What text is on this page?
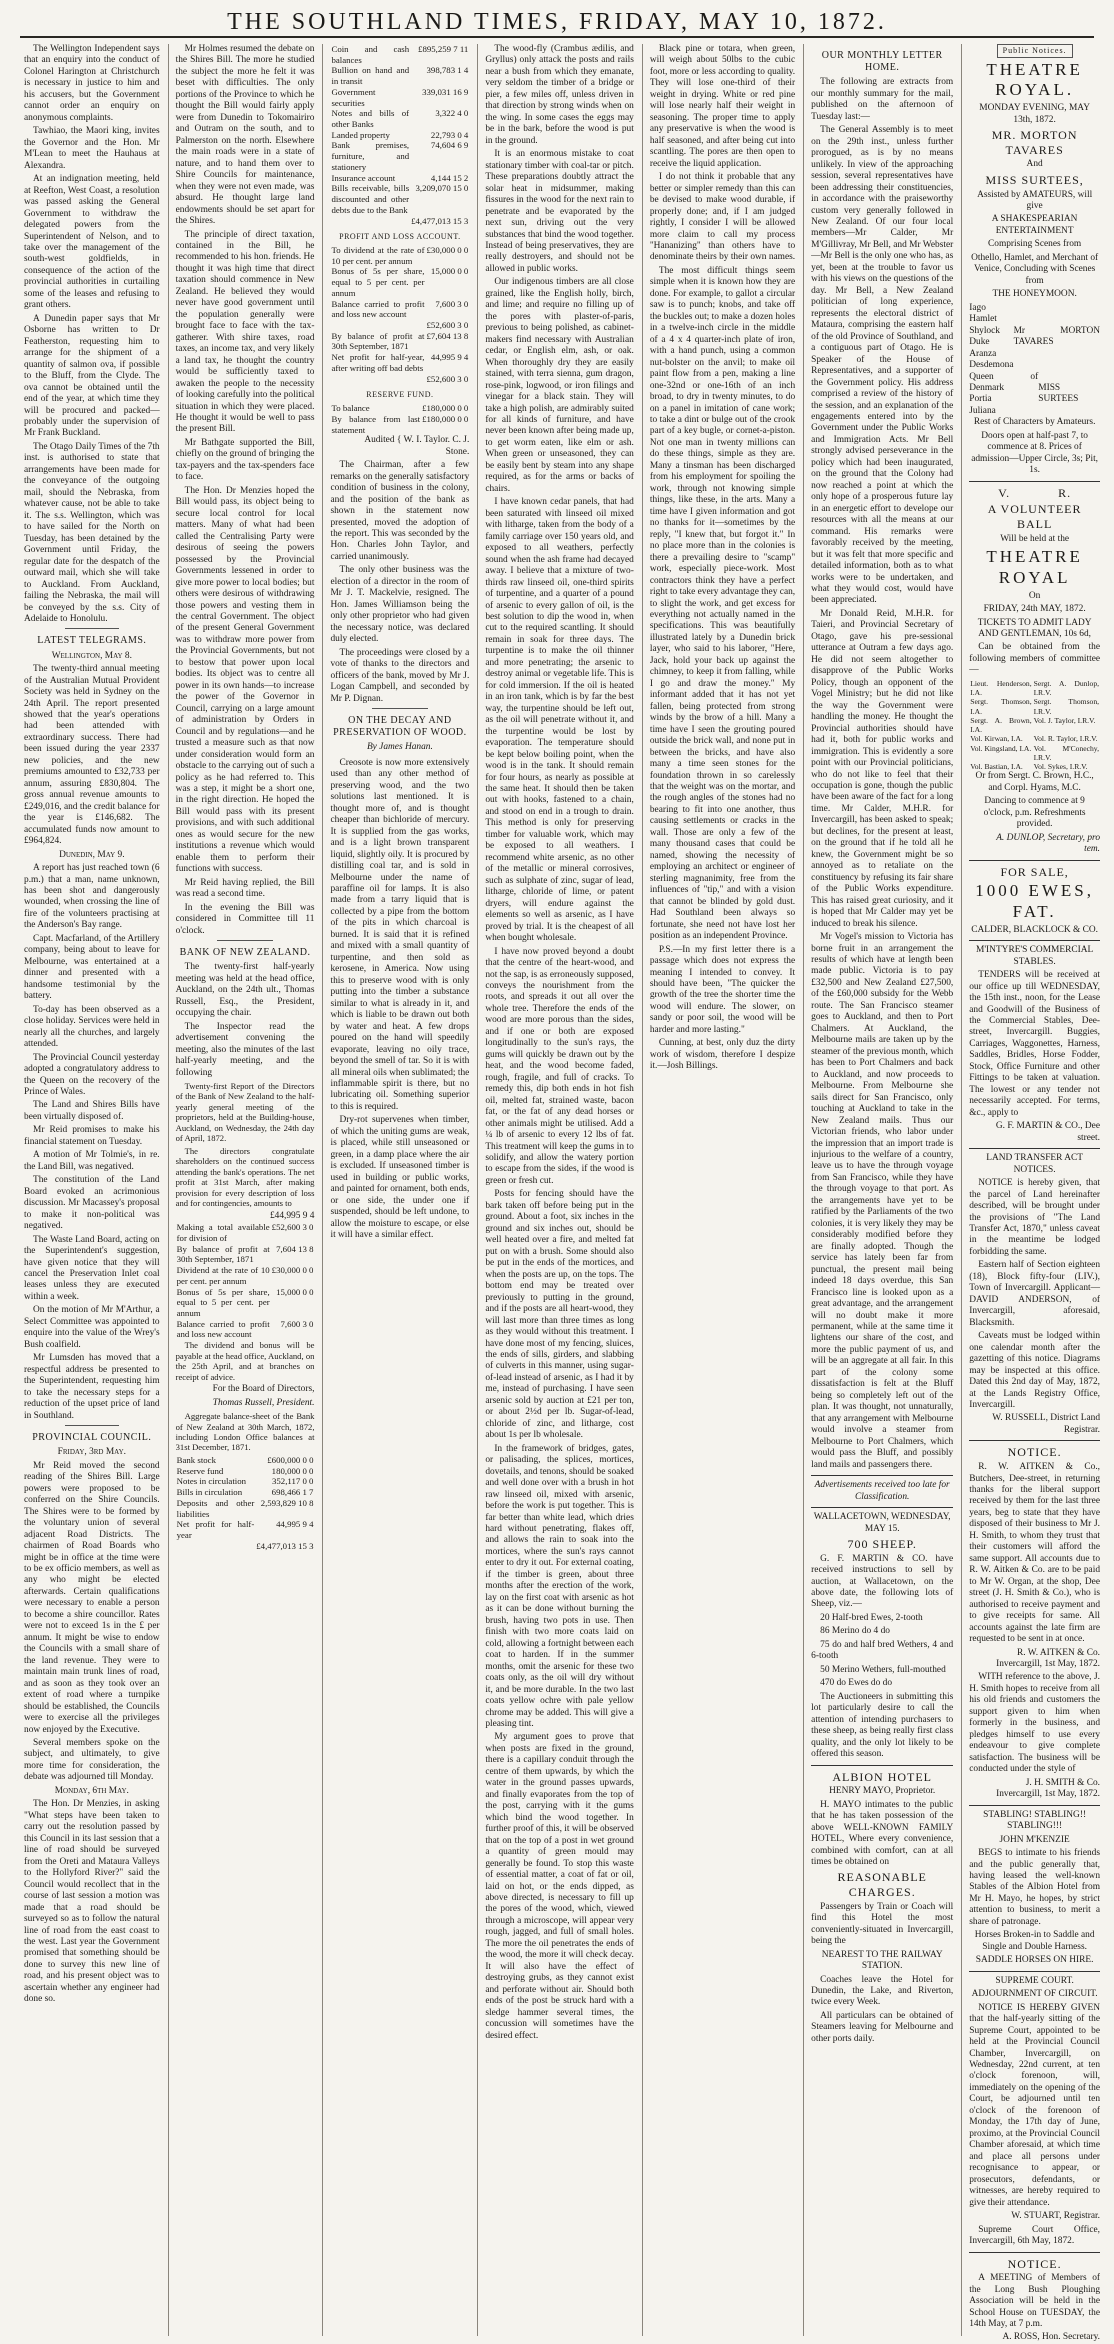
THE SOUTHLAND TIMES, FRIDAY, MAY 10, 1872.

The Wellington Independent says that an enquiry into the conduct of Colonel Harington at Christchurch is necessary in justice to him and his accusers, but the Government cannot order an enquiry on anonymous complaints.

Tawhiao, the Maori king, invites the Governor and the Hon. Mr M'Lean to meet the Hauhaus at Alexandra.

At an indignation meeting, held at Reefton, West Coast, a resolution was passed asking the General Government to withdraw the delegated powers from the Superintendent of Nelson, and to take over the management of the south-west goldfields, in consequence of the action of the provincial authorities in curtailing some of the leases and refusing to grant others.

A Dunedin paper says that Mr Osborne has written to Dr Featherston, requesting him to arrange for the shipment of a quantity of salmon ova, if possible to the Bluff, from the Clyde. The ova cannot be obtained until the end of the year, at which time they will be procured and packed—probably under the supervision of Mr Frank Buckland.

The Otago Daily Times of the 7th inst. is authorised to state that arrangements have been made for the conveyance of the outgoing mail, should the Nebraska, from whatever cause, not be able to take it. The s.s. Wellington, which was to have sailed for the North on Tuesday, has been detained by the Government until Friday, the regular date for the despatch of the outward mail, which she will take to Auckland. From Auckland, failing the Nebraska, the mail will be conveyed by the s.s. City of Adelaide to Honolulu.

LATEST TELEGRAMS.

Wellington, May 8.

The twenty-third annual meeting of the Australian Mutual Provident Society was held in Sydney on the 24th April. The report presented showed that the year's operations had been attended with extraordinary success. There had been issued during the year 2337 new policies, and the new premiums amounted to £32,733 per annum, assuring £830,804. The gross annual revenue amounts to £249,016, and the credit balance for the year is £146,682. The accumulated funds now amount to £964,824.

Dunedin, May 9.

A report has just reached town (6 p.m.) that a man, name unknown, has been shot and dangerously wounded, when crossing the line of fire of the volunteers practising at the Anderson's Bay range.

Capt. Macfarland, of the Artillery company, being about to leave for Melbourne, was entertained at a dinner and presented with a handsome testimonial by the battery.

To-day has been observed as a close holiday. Services were held in nearly all the churches, and largely attended.

The Provincial Council yesterday adopted a congratulatory address to the Queen on the recovery of the Prince of Wales.

The Land and Shires Bills have been virtually disposed of.

Mr Reid promises to make his financial statement on Tuesday.

A motion of Mr Tolmie's, in re. the Land Bill, was negatived.

The constitution of the Land Board evoked an acrimonious discussion. Mr Macassey's proposal to make it non-political was negatived.

The Waste Land Board, acting on the Superintendent's suggestion, have given notice that they will cancel the Preservation Inlet coal leases unless they are executed within a week.

On the motion of Mr M'Arthur, a Select Committee was appointed to enquire into the value of the Wrey's Bush coalfield.

Mr Lumsden has moved that a respectful address be presented to the Superintendent, requesting him to take the necessary steps for a reduction of the upset price of land in Southland.

PROVINCIAL COUNCIL.

Friday, 3rd May.

Mr Reid moved the second reading of the Shires Bill. Large powers were proposed to be conferred on the Shire Councils. The Shires were to be formed by the voluntary union of several adjacent Road Districts. The chairmen of Road Boards who might be in office at the time were to be ex officio members, as well as any who might be elected afterwards. Certain qualifications were necessary to enable a person to become a shire councillor. Rates were not to exceed 1s in the £ per annum. It might be wise to endow the Councils with a small share of the land revenue. They were to maintain main trunk lines of road, and as soon as they took over an extent of road where a turnpike should be established, the Councils were to exercise all the privileges now enjoyed by the Executive.

Several members spoke on the subject, and ultimately, to give more time for consideration, the debate was adjourned till Monday.

Monday, 6th May.

The Hon. Dr Menzies, in asking "What steps have been taken to carry out the resolution passed by this Council in its last session that a line of road should be surveyed from the Oreti and Mataura Valleys to the Hollyford River?" said the Council would recollect that in the course of last session a motion was made that a road should be surveyed so as to follow the natural line of road from the east coast to the west. Last year the Government promised that something should be done to survey this new line of road, and his present object was to ascertain whether any engineer had done so.

Mr Holmes resumed the debate on the Shires Bill. The more he studied the subject the more he felt it was beset with difficulties. The only portions of the Province to which he thought the Bill would fairly apply were from Dunedin to Tokomairiro and Outram on the south, and to Palmerston on the north. Elsewhere the main roads were in a state of nature, and to hand them over to Shire Councils for maintenance, when they were not even made, was absurd. He thought large land endowments should be set apart for the Shires.

The principle of direct taxation, contained in the Bill, he recommended to his hon. friends. He thought it was high time that direct taxation should commence in New Zealand. He believed they would never have good government until the population generally were brought face to face with the tax-gatherer. With shire taxes, road taxes, an income tax, and very likely a land tax, he thought the country would be sufficiently taxed to awaken the people to the necessity of looking carefully into the political situation in which they were placed. He thought it would be well to pass the present Bill.

Mr Bathgate supported the Bill, chiefly on the ground of bringing the tax-payers and the tax-spenders face to face.

The Hon. Dr Menzies hoped the Bill would pass, its object being to secure local control for local matters. Many of what had been called the Centralising Party were desirous of seeing the powers possessed by the Provincial Governments lessened in order to give more power to local bodies; but others were desirous of withdrawing those powers and vesting them in the central Government. The object of the present General Government was to withdraw more power from the Provincial Governments, but not to bestow that power upon local bodies. Its object was to centre all power in its own hands—to increase the power of the Governor in Council, carrying on a large amount of administration by Orders in Council and by regulations—and he trusted a measure such as that now under consideration would form an obstacle to the carrying out of such a policy as he had referred to. This was a step, it might be a short one, in the right direction. He hoped the Bill would pass with its present provisions, and with such additional ones as would secure for the new institutions a revenue which would enable them to perform their functions with success.

Mr Reid having replied, the Bill was read a second time.

In the evening the Bill was considered in Committee till 11 o'clock.

BANK OF NEW ZEALAND.

The twenty-first half-yearly meeting was held at the head office, Auckland, on the 24th ult., Thomas Russell, Esq., the President, occupying the chair.

The Inspector read the advertisement convening the meeting, also the minutes of the last half-yearly meeting, and the following

Twenty-first Report of the Directors of the Bank of New Zealand to the half-yearly general meeting of the proprietors, held at the Building-house, Auckland, on Wednesday, the 24th day of April, 1872.

The directors congratulate shareholders on the continued success attending the bank's operations. The net profit at 31st March, after making provision for every description of loss and for contingencies, amounts to

£44,995 9 4
Making a total available for division of	£52,600 3 0
By balance of profit at 30th September, 1871	7,604 13 8
Dividend at the rate of 10 per cent. per annum	£30,000 0 0
Bonus of 5s per share, equal to 5 per cent. per annum	15,000 0 0
Balance carried to profit and loss new account	7,600 3 0

The dividend and bonus will be payable at the head office, Auckland, on the 25th April, and at branches on receipt of advice.

For the Board of Directors,

Thomas Russell, President.

Aggregate balance-sheet of the Bank of New Zealand at 30th March, 1872, including London Office balances at 31st December, 1871.

Bank stock	£600,000 0 0
Reserve fund	180,000 0 0
Notes in circulation	352,117 0 0
Bills in circulation	698,466 1 7
Deposits and other liabilities	2,593,829 10 8
Net profit for half-year	44,995 9 4
	£4,477,013 15 3
Coin and cash balances	£895,259 7 11
Bullion on hand and in transit	398,783 1 4
Government securities	339,031 16 9
Notes and bills of other Banks	3,322 4 0
Landed property	22,793 0 4
Bank premises, furniture, and stationery	74,604 6 9
Insurance account	4,144 15 2
Bills receivable, bills discounted and other debts due to the Bank	3,209,070 15 0
	£4,477,013 15 3

PROFIT AND LOSS ACCOUNT.

To dividend at the rate of 10 per cent. per annum	£30,000 0 0
Bonus of 5s per share, equal to 5 per cent. per annum	15,000 0 0
Balance carried to profit and loss new account	7,600 3 0
	£52,600 3 0
By balance of profit at 30th September, 1871	£7,604 13 8
Net profit for half-year, after writing off bad debts	44,995 9 4
	£52,600 3 0

RESERVE FUND.

To balance	£180,000 0 0
By balance from last statement	£180,000 0 0

Audited { W. I. Taylor. C. J. Stone.

The Chairman, after a few remarks on the generally satisfactory condition of business in the colony, and the position of the bank as shown in the statement now presented, moved the adoption of the report. This was seconded by the Hon. Charles John Taylor, and carried unanimously.

The only other business was the election of a director in the room of Mr J. T. Mackelvie, resigned. The Hon. James Williamson being the only other proprietor who had given the necessary notice, was declared duly elected.

The proceedings were closed by a vote of thanks to the directors and officers of the bank, moved by Mr J. Logan Campbell, and seconded by Mr P. Dignan.

ON THE DECAY AND PRESERVATION OF WOOD.

By James Hanan.

Creosote is now more extensively used than any other method of preserving wood, and the two solutions last mentioned. It is thought more of, and is thought cheaper than bichloride of mercury. It is supplied from the gas works, and is a light brown transparent liquid, slightly oily. It is procured by distilling coal tar, and is sold in Melbourne under the name of paraffine oil for lamps. It is also made from a tarry liquid that is collected by a pipe from the bottom of the pits in which charcoal is burned. It is said that it is refined and mixed with a small quantity of turpentine, and then sold as kerosene, in America. Now using this to preserve wood with is only putting into the timber a substance similar to what is already in it, and which is liable to be drawn out both by water and heat. A few drops poured on the hand will speedily evaporate, leaving no oily trace, beyond the smell of tar. So it is with all mineral oils when sublimated; the inflammable spirit is there, but no lubricating oil. Something superior to this is required.

Dry-rot supervenes when timber, of which the uniting gums are weak, is placed, while still unseasoned or green, in a damp place where the air is excluded. If unseasoned timber is used in building or public works, and painted for ornament, both ends, or one side, the under one if suspended, should be left undone, to allow the moisture to escape, or else it will have a similar effect.

The wood-fly (Crambus ædilis, and Gryllus) only attack the posts and rails near a bush from which they emanate, very seldom the timber of a bridge or pier, a few miles off, unless driven in that direction by strong winds when on the wing. In some cases the eggs may be in the bark, before the wood is put in the ground.

It is an enormous mistake to coat stationary timber with coal-tar or pitch. These preparations doubtly attract the solar heat in midsummer, making fissures in the wood for the next rain to penetrate and be evaporated by the next sun, driving out the very substances that bind the wood together. Instead of being preservatives, they are really destroyers, and should not be allowed in public works.

Our indigenous timbers are all close grained, like the English holly, birch, and lime; and require no filling up of the pores with plaster-of-paris, previous to being polished, as cabinet-makers find necessary with Australian cedar, or English elm, ash, or oak. When thoroughly dry they are easily stained, with terra sienna, gum dragon, rose-pink, logwood, or iron filings and vinegar for a black stain. They will take a high polish, are admirably suited for all kinds of furniture, and have never been known after being made up, to get worm eaten, like elm or ash. When green or unseasoned, they can be easily bent by steam into any shape required, as for the arms or backs of chairs.

I have known cedar panels, that had been saturated with linseed oil mixed with litharge, taken from the body of a family carriage over 150 years old, and exposed to all weathers, perfectly sound when the ash frame had decayed away. I believe that a mixture of two-thirds raw linseed oil, one-third spirits of turpentine, and a quarter of a pound of arsenic to every gallon of oil, is the best solution to dip the wood in, when cut to the required scantling. It should remain in soak for three days. The turpentine is to make the oil thinner and more penetrating; the arsenic to destroy animal or vegetable life. This is for cold immersion. If the oil is heated in an iron tank, which is by far the best way, the turpentine should be left out, as the oil will penetrate without it, and the turpentine would be lost by evaporation. The temperature should be kept below boiling point, when the wood is in the tank. It should remain for four hours, as nearly as possible at the same heat. It should then be taken out with hooks, fastened to a chain, and stood on end in a trough to drain. This method is only for preserving timber for valuable work, which may be exposed to all weathers. I recommend white arsenic, as no other of the metallic or mineral corrosives, such as sulphate of zinc, sugar of lead, litharge, chloride of lime, or patent dryers, will endure against the elements so well as arsenic, as I have proved by trial. It is the cheapest of all when bought wholesale.

I have now proved beyond a doubt that the centre of the heart-wood, and not the sap, is as erroneously supposed, conveys the nourishment from the roots, and spreads it out all over the whole tree. Therefore the ends of the wood are more porous than the sides, and if one or both are exposed longitudinally to the sun's rays, the gums will quickly be drawn out by the heat, and the wood become faded, rough, fragile, and full of cracks. To remedy this, dip both ends in hot fish oil, melted fat, strained waste, bacon fat, or the fat of any dead horses or other animals might be utilised. Add a ¼ lb of arsenic to every 12 lbs of fat. This treatment will keep the gums in to solidify, and allow the watery portion to escape from the sides, if the wood is green or fresh cut.

Posts for fencing should have the bark taken off before being put in the ground. About a foot, six inches in the ground and six inches out, should be well heated over a fire, and melted fat put on with a brush. Some should also be put in the ends of the mortices, and when the posts are up, on the tops. The bottom end may be treated over previously to putting in the ground, and if the posts are all heart-wood, they will last more than three times as long as they would without this treatment. I have done most of my fencing, sluices, the ends of sills, girders, and slabbing of culverts in this manner, using sugar-of-lead instead of arsenic, as I had it by me, instead of purchasing. I have seen arsenic sold by auction at £21 per ton, or about 2½d per lb. Sugar-of-lead, chloride of zinc, and litharge, cost about 1s per lb wholesale.

In the framework of bridges, gates, or palisading, the splices, mortices, dovetails, and tenons, should be soaked and well done over with a brush in hot raw linseed oil, mixed with arsenic, before the work is put together. This is far better than white lead, which dries hard without penetrating, flakes off, and allows the rain to soak into the mortices, where the sun's rays cannot enter to dry it out. For external coating, if the timber is green, about three months after the erection of the work, lay on the first coat with arsenic as hot as it can be done without burning the brush, having two pots in use. Then finish with two more coats laid on cold, allowing a fortnight between each coat to harden. If in the summer months, omit the arsenic for these two coats only, as the oil will dry without it, and be more durable. In the two last coats yellow ochre with pale yellow chrome may be added. This will give a pleasing tint.

My argument goes to prove that when posts are fixed in the ground, there is a capillary conduit through the centre of them upwards, by which the water in the ground passes upwards, and finally evaporates from the top of the post, carrying with it the gums which bind the wood together. In further proof of this, it will be observed that on the top of a post in wet ground a quantity of green mould may generally be found. To stop this waste of essential matter, a coat of fat or oil, laid on hot, or the ends dipped, as above directed, is necessary to fill up the pores of the wood, which, viewed through a microscope, will appear very rough, jagged, and full of small holes. The more the oil penetrates the ends of the wood, the more it will check decay. It will also have the effect of destroying grubs, as they cannot exist and perforate without air. Should both ends of the post be struck hard with a sledge hammer several times, the concussion will sometimes have the desired effect.

Black pine or totara, when green, will weigh about 50lbs to the cubic foot, more or less according to quality. They will lose one-third of their weight in drying. White or red pine will lose nearly half their weight in seasoning. The proper time to apply any preservative is when the wood is half seasoned, and after being cut into scantling. The pores are then open to receive the liquid application.

I do not think it probable that any better or simpler remedy than this can be devised to make wood durable, if properly done; and, if I am judged rightly, I consider I will be allowed more claim to call my process "Hananizing" than others have to denominate theirs by their own names.

The most difficult things seem simple when it is known how they are done. For example, to gallot a circular saw is to punch; knobs, and take off the buckles out; to make a dozen holes in a twelve-inch circle in the middle of a 4 x 4 quarter-inch plate of iron, with a hand punch, using a common nut-bolster on the anvil; to make oil paint flow from a pen, making a line one-32nd or one-16th of an inch broad, to dry in twenty minutes, to do on a panel in imitation of cane work; to take a dint or bulge out of the crook part of a key bugle, or cornet-a-piston. Not one man in twenty millions can do these things, simple as they are. Many a tinsman has been discharged from his employment for spoiling the work, through not knowing simple things, like these, in the arts. Many a time have I given information and got no thanks for it—sometimes by the reply, "I knew that, but forgot it." In no place more than in the colonies is there a prevailing desire to "scamp" work, especially piece-work. Most contractors think they have a perfect right to take every advantage they can, to slight the work, and get excess for everything not actually named in the specifications. This was beautifully illustrated lately by a Dunedin brick layer, who said to his laborer, "Here, Jack, hold your back up against the chimney, to keep it from falling, while I go and draw the money." My informant added that it has not yet fallen, being protected from strong winds by the brow of a hill. Many a time have I seen the grouting poured outside the brick wall, and none put in between the bricks, and have also many a time seen stones for the foundation thrown in so carelessly that the weight was on the mortar, and the rough angles of the stones had no bearing to fit into one another, thus causing settlements or cracks in the wall. Those are only a few of the many thousand cases that could be named, showing the necessity of employing an architect or engineer of sterling magnanimity, free from the influences of "tip," and with a vision that cannot be blinded by gold dust. Had Southland been always so fortunate, she need not have lost her position as an independent Province.

P.S.—In my first letter there is a passage which does not express the meaning I intended to convey. It should have been, "The quicker the growth of the tree the shorter time the wood will endure. The slower, on sandy or poor soil, the wood will be harder and more lasting."

Cunning, at best, only duz the dirty work of wisdom, therefore I despize it.—Josh Billings.

OUR MONTHLY LETTER HOME.

The following are extracts from our monthly summary for the mail, published on the afternoon of Tuesday last:—

The General Assembly is to meet on the 29th inst., unless further prorogued, as is by no means unlikely. In view of the approaching session, several representatives have been addressing their constituencies, in accordance with the praiseworthy custom very generally followed in New Zealand. Of our four local members—Mr Calder, Mr M'Gillivray, Mr Bell, and Mr Webster—Mr Bell is the only one who has, as yet, been at the trouble to favor us with his views on the questions of the day. Mr Bell, a New Zealand politician of long experience, represents the electoral district of Mataura, comprising the eastern half of the old Province of Southland, and a contiguous part of Otago. He is Speaker of the House of Representatives, and a supporter of the Government policy. His address comprised a review of the history of the session, and an explanation of the engagements entered into by the Government under the Public Works and Immigration Acts. Mr Bell strongly advised perseverance in the policy which had been inaugurated, on the ground that the Colony had now reached a point at which the only hope of a prosperous future lay in an energetic effort to develope our resources with all the means at our command. His remarks were favorably received by the meeting, but it was felt that more specific and detailed information, both as to what works were to be undertaken, and what they would cost, would have been appreciated.

Mr Donald Reid, M.H.R. for Taieri, and Provincial Secretary of Otago, gave his pre-sessional utterance at Outram a few days ago. He did not seem altogether to disapprove of the Public Works Policy, though an opponent of the Vogel Ministry; but he did not like the way the Government were handling the money. He thought the Provincial authorities should have had it, both for public works and immigration. This is evidently a sore point with our Provincial politicians, who do not like to feel that their occupation is gone, though the public have been aware of the fact for a long time. Mr Calder, M.H.R. for Invercargill, has been asked to speak; but declines, for the present at least, on the ground that if he told all he knew, the Government might be so annoyed as to retaliate on the constituency by refusing its fair share of the Public Works expenditure. This has raised great curiosity, and it is hoped that Mr Calder may yet be induced to break his silence.

Mr Vogel's mission to Victoria has borne fruit in an arrangement the results of which have at length been made public. Victoria is to pay £32,500 and New Zealand £27,500, of the £60,000 subsidy for the Webb route. The San Francisco steamer goes to Auckland, and then to Port Chalmers. At Auckland, the Melbourne mails are taken up by the steamer of the previous month, which has been to Port Chalmers and back to Auckland, and now proceeds to Melbourne. From Melbourne she sails direct for San Francisco, only touching at Auckland to take in the New Zealand mails. Thus our Victorian friends, who labor under the impression that an import trade is injurious to the welfare of a country, leave us to have the through voyage from San Francisco, while they have the through voyage to that port. As the arrangements have yet to be ratified by the Parliaments of the two colonies, it is very likely they may be considerably modified before they are finally adopted. Though the service has lately been far from punctual, the present mail being indeed 18 days overdue, this San Francisco line is looked upon as a great advantage, and the arrangement will no doubt make it more permanent, while at the same time it lightens our share of the cost, and more the public payment of us, and will be an aggregate at all fair. In this part of the colony some dissatisfaction is felt at the Bluff being so completely left out of the plan. It was thought, not unnaturally, that any arrangement with Melbourne would involve a steamer from Melbourne to Port Chalmers, which would pass the Bluff, and possibly land mails and passengers there.

Advertisements received too late for Classification.

WALLACETOWN, WEDNESDAY, MAY 15.

700 SHEEP.

G. F. MARTIN & CO. have received instructions to sell by auction, at Wallacetown, on the above date, the following lots of Sheep, viz.—

20 Half-bred Ewes, 2-tooth

86 Merino do 4 do

75 do and half bred Wethers, 4 and 6-tooth

50 Merino Wethers, full-mouthed

470 do Ewes do do

The Auctioneers in submitting this lot particularly desire to call the attention of intending purchasers to these sheep, as being really first class quality, and the only lot likely to be offered this season.

ALBION HOTEL

HENRY MAYO, Proprietor.

H. MAYO intimates to the public that he has taken possession of the above WELL-KNOWN FAMILY HOTEL, Where every convenience, combined with comfort, can at all times be obtained on

REASONABLE CHARGES.

Passengers by Train or Coach will find this Hotel the most conveniently-situated in Invercargill, being the

NEAREST TO THE RAILWAY STATION.

Coaches leave the Hotel for Dunedin, the Lake, and Riverton, twice every Week.

All particulars can be obtained of Steamers leaving for Melbourne and other ports daily.

Public Notices.

THEATRE ROYAL.

MONDAY EVENING, MAY 13th, 1872.

MR. MORTON TAVARES

And

MISS SURTEES,

Assisted by AMATEURS, will give

A SHAKESPEARIAN ENTERTAINMENT

Comprising Scenes from

Othello, Hamlet, and Merchant of Venice, Concluding with Scenes from

THE HONEYMOON.

Iago
Hamlet
Shylock
Duke Aranza
Desdemona
Mr MORTON TAVARES
Queen of Denmark
Portia
Juliana
MISS SURTEES

Rest of Characters by Amateurs.

Doors open at half-past 7, to commence at 8. Prices of admission—Upper Circle, 3s; Pit, 1s.

V.            R.

A VOLUNTEER BALL

Will be held at the

THEATRE ROYAL

On

FRIDAY, 24th MAY, 1872.

TICKETS TO ADMIT LADY AND GENTLEMAN, 10s 6d,

Can be obtained from the following members of committee—

Lieut. Henderson, I.A.	Sergt. A. Dunlop, I.R.V.
Sergt. Thomson, I.A.	Sergt. Thomson, I.R.V.
Sergt. A. Brown, I.A.	Vol. J. Taylor, I.R.V.
Vol. Kirwan, I.A.	Vol. R. Taylor, I.R.V.
Vol. Kingsland, I.A.	Vol. M'Conechy, I.R.V.
Vol. Bastian, I.A.	Vol. Sykes, I.R.V.

Or from Sergt. C. Brown, H.C., and Corpl. Hyams, M.C.

Dancing to commence at 9 o'clock, p.m. Refreshments provided.

A. DUNLOP, Secretary, pro tem.

FOR SALE,

1000 EWES, FAT.

CALDER, BLACKLOCK & CO.

M'INTYRE'S COMMERCIAL STABLES.

TENDERS will be received at our office up till WEDNESDAY, the 15th inst., noon, for the Lease and Goodwill of the Business of the Commercial Stables, Dee-street, Invercargill. Buggies, Carriages, Waggonettes, Harness, Saddles, Bridles, Horse Fodder, Stock, Office Furniture and other Fittings to be taken at valuation. The lowest or any tender not necessarily accepted. For terms, &c., apply to

G. F. MARTIN & CO., Dee street.

LAND TRANSFER ACT NOTICES.

NOTICE is hereby given, that the parcel of Land hereinafter described, will be brought under the provisions of "The Land Transfer Act, 1870," unless caveat in the meantime be lodged forbidding the same.

Eastern half of Section eighteen (18), Block fifty-four (LIV.), Town of Invercargill. Applicant—DAVID ANDERSON, of Invercargill, aforesaid, Blacksmith.

Caveats must be lodged within one calendar month after the gazetting of this notice. Diagrams may be inspected at this office. Dated this 2nd day of May, 1872, at the Lands Registry Office, Invercargill.

W. RUSSELL, District Land Registrar.

NOTICE.

R. W. AITKEN & Co., Butchers, Dee-street, in returning thanks for the liberal support received by them for the last three years, beg to state that they have disposed of their business to Mr J. H. Smith, to whom they trust that their customers will afford the same support. All accounts due to R. W. Aitken & Co. are to be paid to Mr W. Organ, at the shop, Dee street (J. H. Smith & Co.), who is authorised to receive payment and to give receipts for same. All accounts against the late firm are requested to be sent in at once.

R. W. AITKEN & Co. Invercargill, 1st May, 1872.

WITH reference to the above, J. H. Smith hopes to receive from all his old friends and customers the support given to him when formerly in the business, and pledges himself to use every endeavour to give complete satisfaction. The business will be conducted under the style of

J. H. SMITH & Co. Invercargill, 1st May, 1872.

STABLING! STABLING!! STABLING!!!

JOHN M'KENZIE

BEGS to intimate to his friends and the public generally that, having leased the well-known Stables of the Albion Hotel from Mr H. Mayo, he hopes, by strict attention to business, to merit a share of patronage.

Horses Broken-in to Saddle and Single and Double Harness.

SADDLE HORSES ON HIRE.

SUPREME COURT.

ADJOURNMENT OF CIRCUIT.

NOTICE IS HEREBY GIVEN that the half-yearly sitting of the Supreme Court, appointed to be held at the Provincial Council Chamber, Invercargill, on Wednesday, 22nd current, at ten o'clock forenoon, will, immediately on the opening of the Court, be adjourned until ten o'clock of the forenoon of Monday, the 17th day of June, proximo, at the Provincial Council Chamber aforesaid, at which time and place all persons under recognisance to appear, or prosecutors, defendants, or witnesses, are hereby required to give their attendance.

W. STUART, Registrar.

Supreme Court Office, Invercargill, 6th May, 1872.

NOTICE.

A MEETING of Members of the Long Bush Ploughing Association will be held in the School House on TUESDAY, the 14th May, at 7 p.m.

A. ROSS, Hon. Secretary.
